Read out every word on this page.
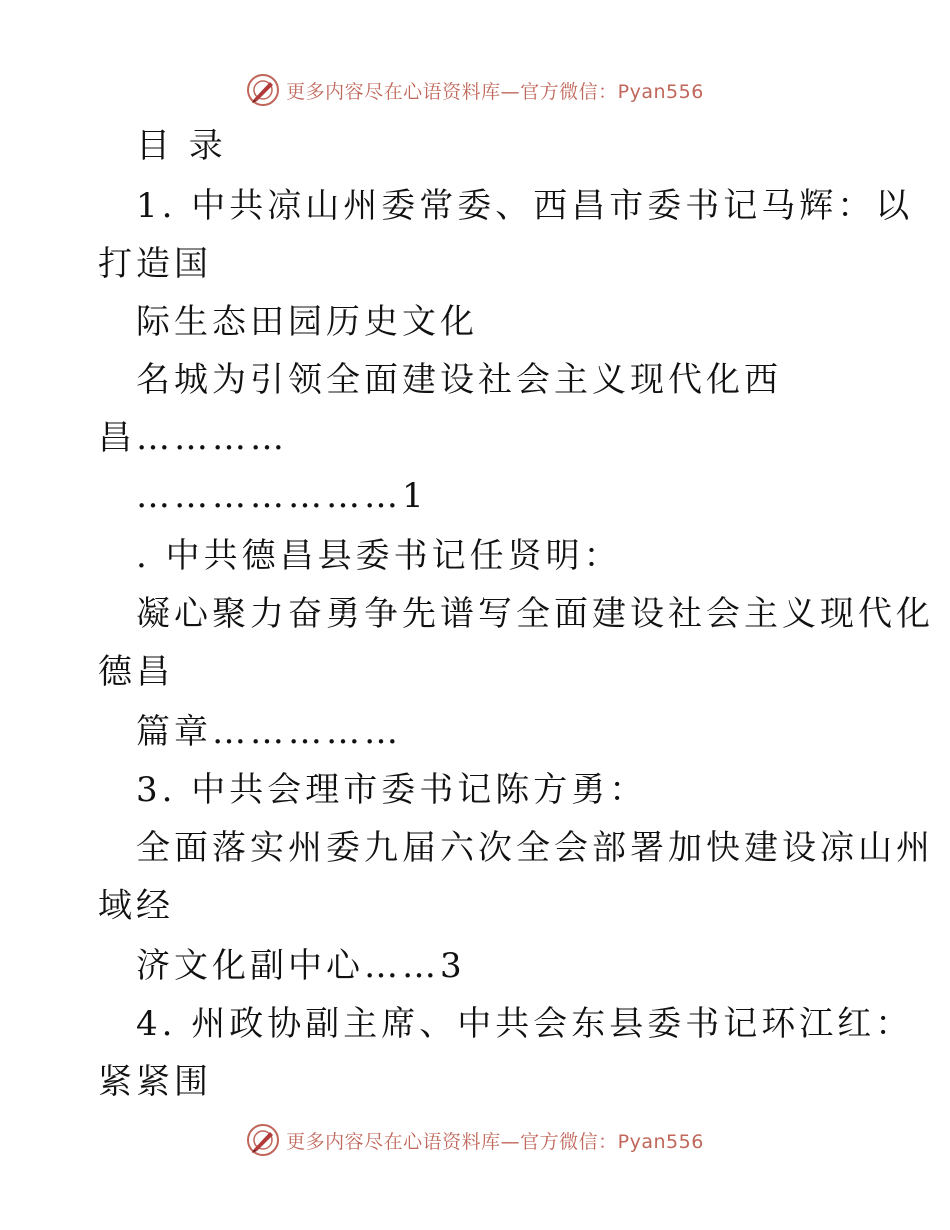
更多内容尽在心语资料库—官方微信：Pyan556

目 录

1. 中共凉山州委常委、西昌市委书记马辉：以

打造国

际生态田园历史文化

名城为引领全面建设社会主义现代化西

昌…………

…………………1

. 中共德昌县委书记任贤明：

凝心聚力奋勇争先谱写全面建设社会主义现代化

德昌

篇章……………

3. 中共会理市委书记陈方勇：

全面落实州委九届六次全会部署加快建设凉山州

域经

济文化副中心……3

4. 州政协副主席、中共会东县委书记环江红：

紧紧围

更多内容尽在心语资料库—官方微信：Pyan556
